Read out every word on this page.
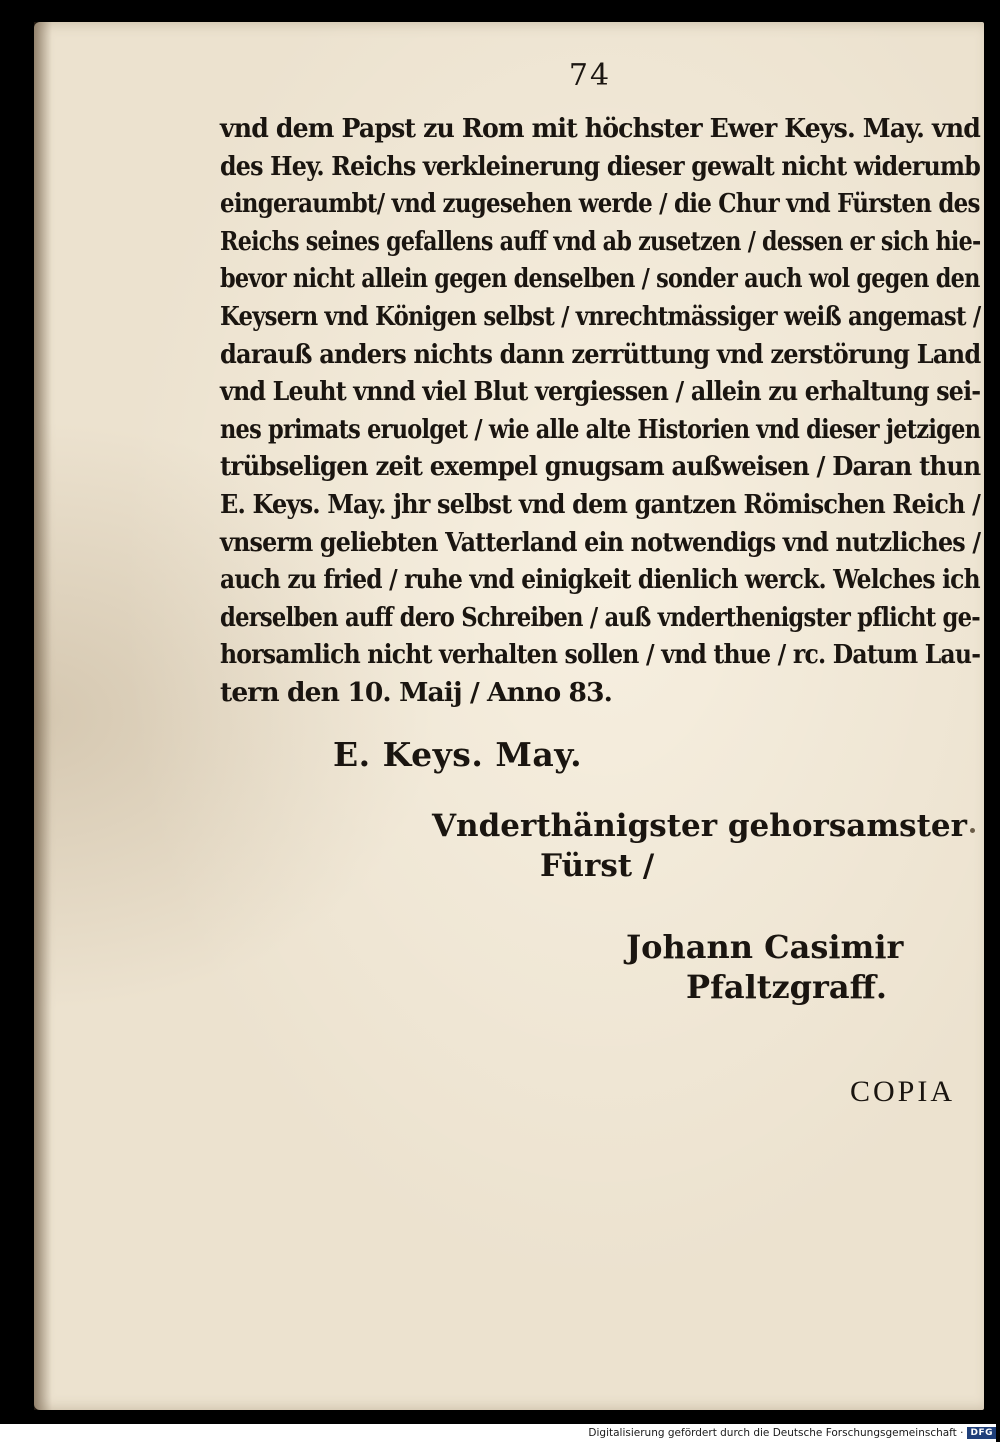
74
vnd dem Papst zu Rom mit höchster Ewer Keys. May. vnd
des Hey. Reichs verkleinerung dieser gewalt nicht widerumb
eingeraumbt/ vnd zugesehen werde / die Chur vnd Fürsten des
Reichs seines gefallens auff vnd ab zusetzen / dessen er sich hie-
bevor nicht allein gegen denselben / sonder auch wol gegen den
Keysern vnd Königen selbst / vnrechtmässiger weiß angemast /
darauß anders nichts dann zerrüttung vnd zerstörung Land
vnd Leuht vnnd viel Blut vergiessen / allein zu erhaltung sei-
nes primats eruolget / wie alle alte Historien vnd dieser jetzigen
trübseligen zeit exempel gnugsam außweisen / Daran thun
E. Keys. May. jhr selbst vnd dem gantzen Römischen Reich /
vnserm geliebten Vatterland ein notwendigs vnd nutzliches /
auch zu fried / ruhe vnd einigkeit dienlich werck. Welches ich
derselben auff dero Schreiben / auß vnderthenigster pflicht ge-
horsamlich nicht verhalten sollen / vnd thue / rc. Datum Lau-
tern den 10. Maij / Anno 83.
E. Keys. May.
Vnderthänigster gehorsamster
Fürst /
Johann Casimir
Pfaltzgraff.
COPIA
Digitalisierung gefördert durch die Deutsche Forschungsgemeinschaft · DFG
